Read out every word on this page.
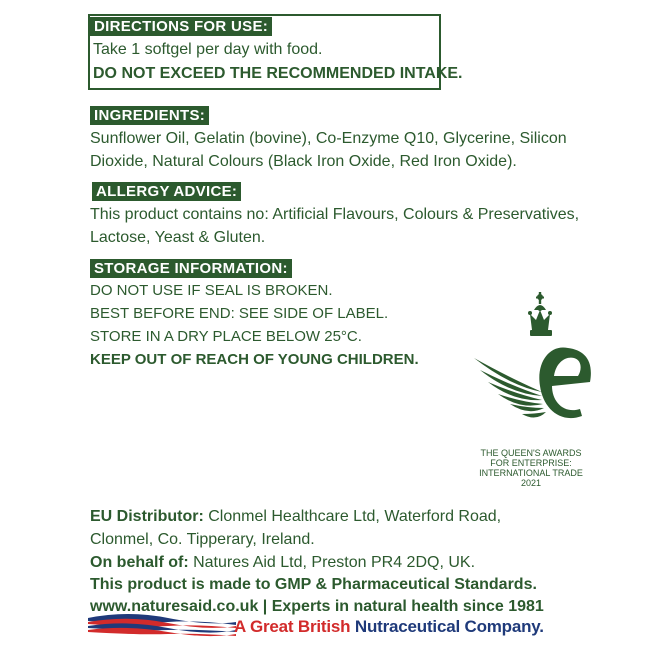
DIRECTIONS FOR USE:
Take 1 softgel per day with food.
DO NOT EXCEED THE RECOMMENDED INTAKE.
INGREDIENTS:
Sunflower Oil, Gelatin (bovine), Co-Enzyme Q10, Glycerine, Silicon
Dioxide, Natural Colours (Black Iron Oxide, Red Iron Oxide).
ALLERGY ADVICE:
This product contains no: Artificial Flavours, Colours & Preservatives,
Lactose, Yeast & Gluten.
STORAGE INFORMATION:
DO NOT USE IF SEAL IS BROKEN.
BEST BEFORE END: SEE SIDE OF LABEL.
STORE IN A DRY PLACE BELOW 25°C.
KEEP OUT OF REACH OF YOUNG CHILDREN.
THE QUEEN'S AWARDS
FOR ENTERPRISE:
INTERNATIONAL TRADE
2021
EU Distributor: Clonmel Healthcare Ltd, Waterford Road,
Clonmel, Co. Tipperary, Ireland.
On behalf of: Natures Aid Ltd, Preston PR4 2DQ, UK.
This product is made to GMP & Pharmaceutical Standards.
www.naturesaid.co.uk | Experts in natural health since 1981
A Great British Nutraceutical Company.
